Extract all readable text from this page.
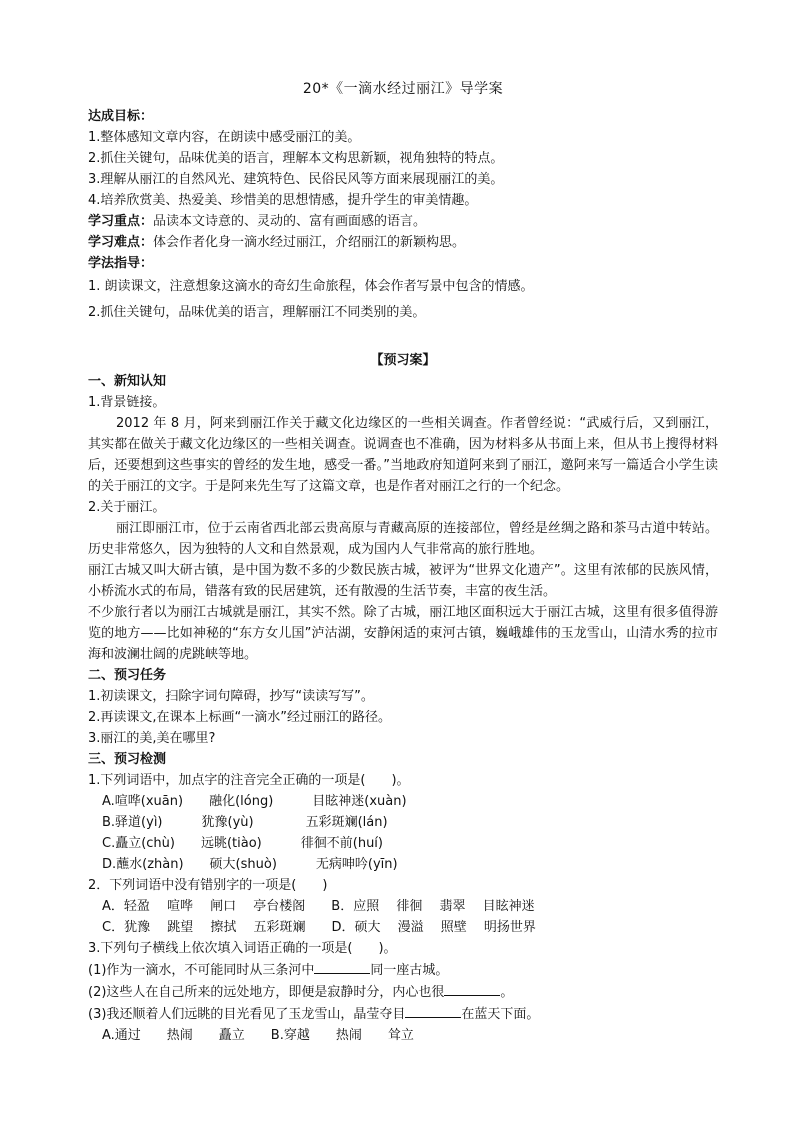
20*《一滴水经过丽江》导学案

达成目标：

1.整体感知文章内容，在朗读中感受丽江的美。

2.抓住关键句，品味优美的语言，理解本文构思新颖，视角独特的特点。

3.理解从丽江的自然风光、建筑特色、民俗民风等方面来展现丽江的美。

4.培养欣赏美、热爱美、珍惜美的思想情感，提升学生的审美情趣。

学习重点：品读本文诗意的、灵动的、富有画面感的语言。

学习难点：体会作者化身一滴水经过丽江，介绍丽江的新颖构思。

学法指导：

1. 朗读课文，注意想象这滴水的奇幻生命旅程，体会作者写景中包含的情感。

2.抓住关键句，品味优美的语言，理解丽江不同类别的美。

【预习案】

一、新知认知

1.背景链接。

2012 年 8 月，阿来到丽江作关于藏文化边缘区的一些相关调查。作者曾经说：“武威行后，又到丽江，其实都在做关于藏文化边缘区的一些相关调查。说调查也不准确，因为材料多从书面上来，但从书上搜得材料后，还要想到这些事实的曾经的发生地，感受一番。”当地政府知道阿来到了丽江，邀阿来写一篇适合小学生读的关于丽江的文字。于是阿来先生写了这篇文章，也是作者对丽江之行的一个纪念。

2.关于丽江。

丽江即丽江市，位于云南省西北部云贵高原与青藏高原的连接部位，曾经是丝绸之路和茶马古道中转站。历史非常悠久，因为独特的人文和自然景观，成为国内人气非常高的旅行胜地。

丽江古城又叫大研古镇，是中国为数不多的少数民族古城，被评为“世界文化遗产”。这里有浓郁的民族风情，小桥流水式的布局，错落有致的民居建筑，还有散漫的生活节奏，丰富的夜生活。

不少旅行者以为丽江古城就是丽江，其实不然。除了古城，丽江地区面积远大于丽江古城，这里有很多值得游览的地方——比如神秘的“东方女儿国”泸沽湖，安静闲适的束河古镇，巍峨雄伟的玉龙雪山，山清水秀的拉市海和波澜壮阔的虎跳峡等地。

二、预习任务

1.初读课文，扫除字词句障碍，抄写“读读写写”。

2.再读课文,在课本上标画“一滴水”经过丽江的路径。

3.丽江的美,美在哪里?

三、预习检测

1.下列词语中，加点字的注音完全正确的一项是(　　)。

A.喧哗(xuān)　　融化(lóng)　　　目眩神迷(xuàn)

B.驿道(yì)　　　犹豫(yù)　　　　五彩斑斓(lán)

C.矗立(chù)　　远眺(tiào)　　　徘徊不前(huí)

D.蘸水(zhàn)　　硕大(shuò)　　　无病呻吟(yīn)

2．下列词语中没有错别字的一项是(　　)

A．轻盈　 喧哗　 闸口　 亭台楼阁　　B．应照　 徘徊　 翡翠　 目眩神迷

C．犹豫　 跳望　 擦拭　 五彩斑斓　　D．硕大　 漫溢　 照壁　 明扬世界

3.下列句子横线上依次填入词语正确的一项是(　　)。

(1)作为一滴水，不可能同时从三条河中	同一座古城。

(2)这些人在自己所来的远处地方，即便是寂静时分，内心也很	。

(3)我还顺着人们远眺的目光看见了玉龙雪山，晶莹夺目	在蓝天下面。

A.通过　　热闹　　矗立　　B.穿越　　热闹　　耸立
